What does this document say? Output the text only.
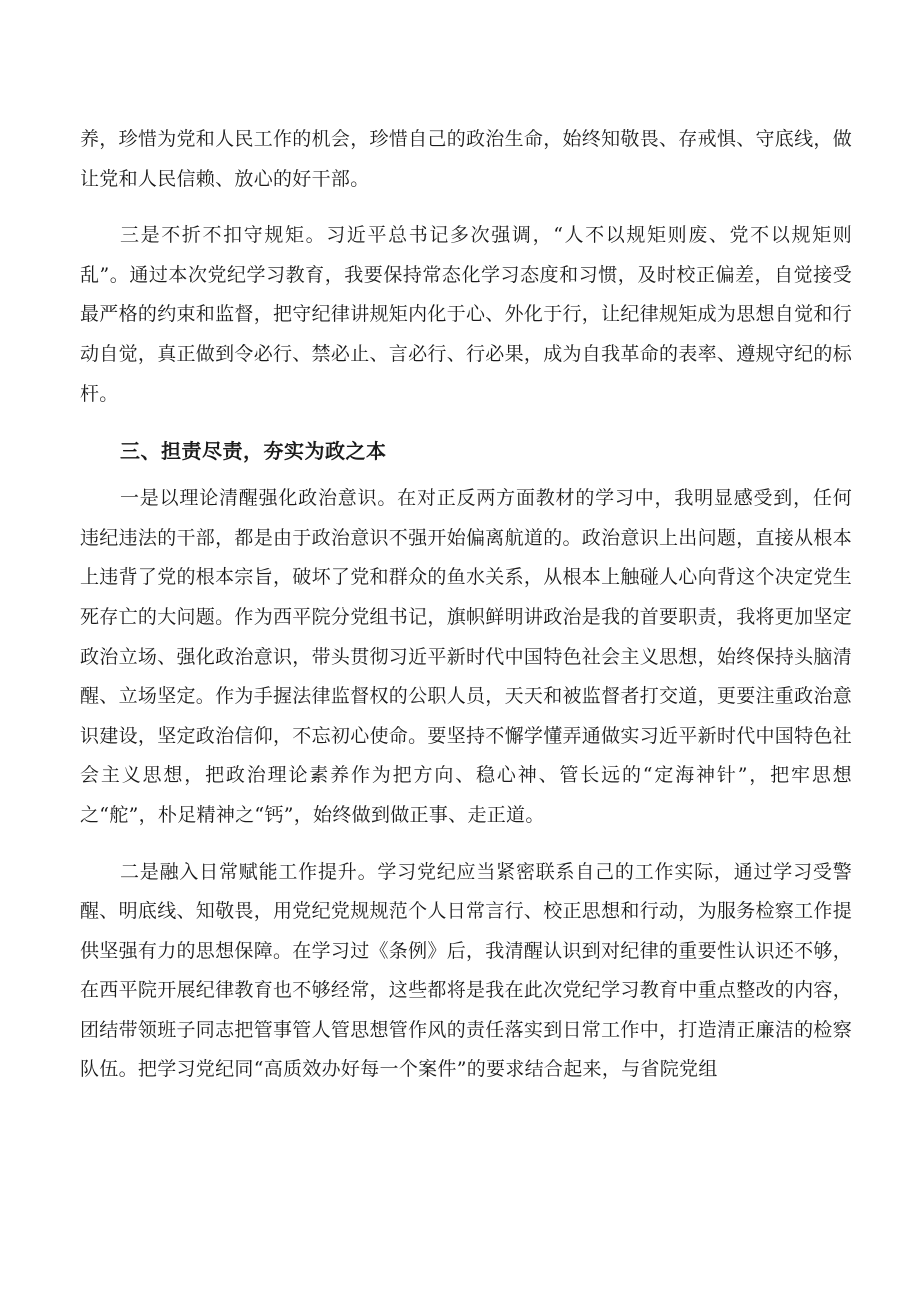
养，珍惜为党和人民工作的机会，珍惜自己的政治生命，始终知敬畏、存戒惧、守底线，做让党和人民信赖、放心的好干部。

三是不折不扣守规矩。习近平总书记多次强调，“人不以规矩则废、党不以规矩则乱”。通过本次党纪学习教育，我要保持常态化学习态度和习惯，及时校正偏差，自觉接受最严格的约束和监督，把守纪律讲规矩内化于心、外化于行，让纪律规矩成为思想自觉和行动自觉，真正做到令必行、禁必止、言必行、行必果，成为自我革命的表率、遵规守纪的标杆。

三、担责尽责，夯实为政之本

一是以理论清醒强化政治意识。在对正反两方面教材的学习中，我明显感受到，任何违纪违法的干部，都是由于政治意识不强开始偏离航道的。政治意识上出问题，直接从根本上违背了党的根本宗旨，破坏了党和群众的鱼水关系，从根本上触碰人心向背这个决定党生死存亡的大问题。作为西平院分党组书记，旗帜鲜明讲政治是我的首要职责，我将更加坚定政治立场、强化政治意识，带头贯彻习近平新时代中国特色社会主义思想，始终保持头脑清醒、立场坚定。作为手握法律监督权的公职人员，天天和被监督者打交道，更要注重政治意识建设，坚定政治信仰，不忘初心使命。要坚持不懈学懂弄通做实习近平新时代中国特色社会主义思想，把政治理论素养作为把方向、稳心神、管长远的“定海神针”，把牢思想之“舵”，朴足精神之“钙”，始终做到做正事、走正道。

二是融入日常赋能工作提升。学习党纪应当紧密联系自己的工作实际，通过学习受警醒、明底线、知敬畏，用党纪党规规范个人日常言行、校正思想和行动，为服务检察工作提供坚强有力的思想保障。在学习过《条例》后，我清醒认识到对纪律的重要性认识还不够，在西平院开展纪律教育也不够经常，这些都将是我在此次党纪学习教育中重点整改的内容，团结带领班子同志把管事管人管思想管作风的责任落实到日常工作中，打造清正廉洁的检察队伍。把学习党纪同“高质效办好每一个案件”的要求结合起来，与省院党组
